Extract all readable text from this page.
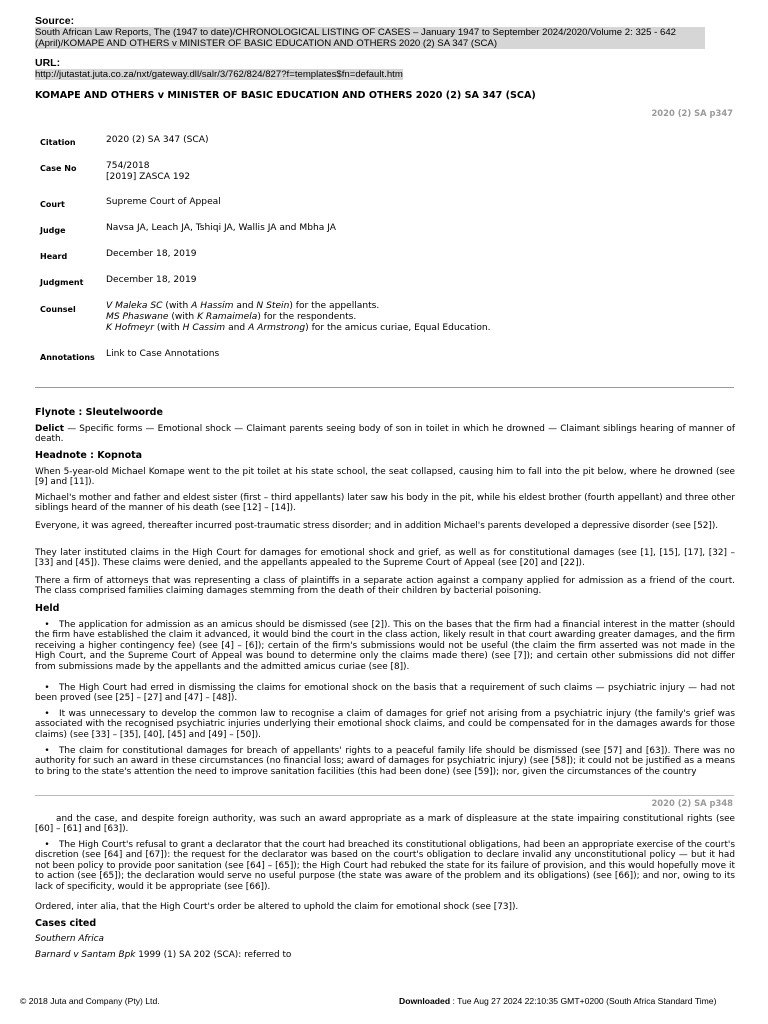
Source:
South African Law Reports, The (1947 to date)/CHRONOLOGICAL LISTING OF CASES – January 1947 to September 2024/2020/Volume 2: 325 - 642 (April)/KOMAPE AND OTHERS v MINISTER OF BASIC EDUCATION AND OTHERS 2020 (2) SA 347 (SCA)
URL:
http://jutastat.juta.co.za/nxt/gateway.dll/salr/3/762/824/827?f=templates$fn=default.htm
KOMAPE AND OTHERS v MINISTER OF BASIC EDUCATION AND OTHERS 2020 (2) SA 347 (SCA)
2020 (2) SA p347
Citation	2020 (2) SA 347 (SCA)
Case No	754/2018
[2019] ZASCA 192
Court	Supreme Court of Appeal
Judge	Navsa JA, Leach JA, Tshiqi JA, Wallis JA and Mbha JA
Heard	December 18, 2019
Judgment December 18, 2019
Counsel	V Maleka SC (with A Hassim and N Stein) for the appellants.
MS Phaswane (with K Ramaimela) for the respondents.
K Hofmeyr (with H Cassim and A Armstrong) for the amicus curiae, Equal Education.
Annotations Link to Case Annotations
Flynote : Sleutelwoorde
Delict — Specific forms — Emotional shock — Claimant parents seeing body of son in toilet in which he drowned — Claimant siblings hearing of manner of death.
Headnote : Kopnota
When 5-year-old Michael Komape went to the pit toilet at his state school, the seat collapsed, causing him to fall into the pit below, where he drowned (see [9] and [11]).
Michael's mother and father and eldest sister (first – third appellants) later saw his body in the pit, while his eldest brother (fourth appellant) and three other siblings heard of the manner of his death (see [12] – [14]).
Everyone, it was agreed, thereafter incurred post-traumatic stress disorder; and in addition Michael's parents developed a depressive disorder (see [52]).
They later instituted claims in the High Court for damages for emotional shock and grief, as well as for constitutional damages (see [1], [15], [17], [32] – [33] and [45]). These claims were denied, and the appellants appealed to the Supreme Court of Appeal (see [20] and [22]).
There a firm of attorneys that was representing a class of plaintiffs in a separate action against a company applied for admission as a friend of the court. The class comprised families claiming damages stemming from the death of their children by bacterial poisoning.
Held
• The application for admission as an amicus should be dismissed (see [2]). This on the bases that the firm had a financial interest in the matter (should the firm have established the claim it advanced, it would bind the court in the class action, likely result in that court awarding greater damages, and the firm receiving a higher contingency fee) (see [4] – [6]); certain of the firm's submissions would not be useful (the claim the firm asserted was not made in the High Court, and the Supreme Court of Appeal was bound to determine only the claims made there) (see [7]); and certain other submissions did not differ from submissions made by the appellants and the admitted amicus curiae (see [8]).
• The High Court had erred in dismissing the claims for emotional shock on the basis that a requirement of such claims — psychiatric injury — had not been proved (see [25] – [27] and [47] – [48]).
• It was unnecessary to develop the common law to recognise a claim of damages for grief not arising from a psychiatric injury (the family's grief was associated with the recognised psychiatric injuries underlying their emotional shock claims, and could be compensated for in the damages awards for those claims) (see [33] – [35], [40], [45] and [49] – [50]).
• The claim for constitutional damages for breach of appellants' rights to a peaceful family life should be dismissed (see [57] and [63]). There was no authority for such an award in these circumstances (no financial loss; award of damages for psychiatric injury) (see [58]); it could not be justified as a means to bring to the state's attention the need to improve sanitation facilities (this had been done) (see [59]); nor, given the circumstances of the country
2020 (2) SA p348
and the case, and despite foreign authority, was such an award appropriate as a mark of displeasure at the state impairing constitutional rights (see [60] – [61] and [63]).
• The High Court's refusal to grant a declarator that the court had breached its constitutional obligations, had been an appropriate exercise of the court's discretion (see [64] and [67]): the request for the declarator was based on the court's obligation to declare invalid any unconstitutional policy — but it had not been policy to provide poor sanitation (see [64] – [65]); the High Court had rebuked the state for its failure of provision, and this would hopefully move it to action (see [65]); the declaration would serve no useful purpose (the state was aware of the problem and its obligations) (see [66]); and nor, owing to its lack of specificity, would it be appropriate (see [66]).
Ordered, inter alia, that the High Court's order be altered to uphold the claim for emotional shock (see [73]).
Cases cited
Southern Africa
Barnard v Santam Bpk 1999 (1) SA 202 (SCA): referred to
© 2018 Juta and Company (Pty) Ltd.	Downloaded : Tue Aug 27 2024 22:10:35 GMT+0200 (South Africa Standard Time)
